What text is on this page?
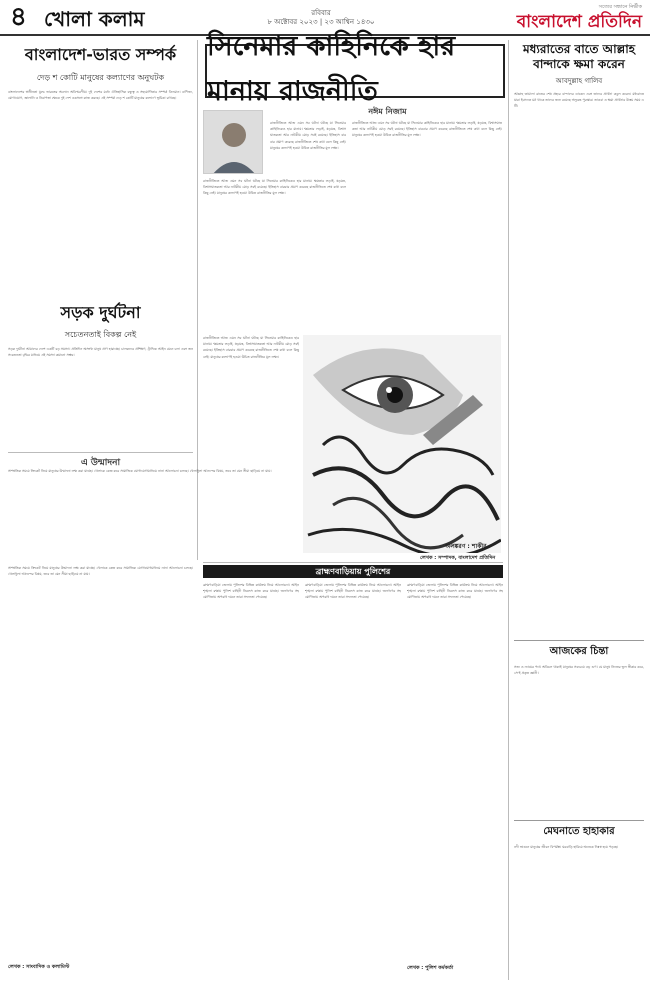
৪ খোলা কলাম	রবিবার
৮ অক্টোবর ২০২৩ | ২৩ আশ্বিন ১৪৩০
সত্যের সন্ধানে নির্ভীক
বাংলাদেশ প্রতিদিন
বাংলাদেশ-ভারত সম্পর্ক
দেড় শ কোটি মানুষের কল্যাণের অনুঘটক
বাংলাদেশের স্বাধীনতা যুদ্ধে ভারতের অবদান অবিস্মরণীয়। দুই দেশের মধ্যে ঐতিহাসিক বন্ধুত্ব ও সহযোগিতার সম্পর্ক বিদ্যমান। বাণিজ্য, যোগাযোগ, জ্বালানি ও নিরাপত্তা ক্ষেত্রে দুই দেশ একসঙ্গে কাজ করছে। এই সম্পর্ক দেড় শ কোটি মানুষের কল্যাণে ভূমিকা রাখছে।
সড়ক দুর্ঘটনা
সচেতনতাই বিকল্প নেই
সড়ক দুর্ঘটনা আমাদের দেশে একটি বড় সমস্যা। প্রতিদিন অসংখ্য মানুষ প্রাণ হারাচ্ছে। চালকদের প্রশিক্ষণ, ট্রাফিক আইন মেনে চলা এবং জনসচেতনতা বৃদ্ধির মাধ্যমে এই সমস্যা কমানো সম্ভব।
এ উন্মাদনা
সাম্প্রতিক সময়ে ক্রিকেট নিয়ে মানুষের উন্মাদনা লক্ষ করা যাচ্ছে। খেলাকে কেন্দ্র করে সামাজিক যোগাযোগমাধ্যমে নানা আলোচনা চলছে। খেলাধুলা আনন্দের বিষয়, তবে তা যেন সীমা ছাড়িয়ে না যায়।
সাম্প্রতিক সময়ে ক্রিকেট নিয়ে মানুষের উন্মাদনা লক্ষ করা যাচ্ছে। খেলাকে কেন্দ্র করে সামাজিক যোগাযোগমাধ্যমে নানা আলোচনা চলছে। খেলাধুলা আনন্দের বিষয়, তবে তা যেন সীমা ছাড়িয়ে না যায়।
লেখক : সাংবাদিক ও কলামিস্ট
সিনেমার কাহিনিকে হার মানায় রাজনীতি
নঈম নিজাম
রাজনীতিতে আজ এমন সব ঘটনা ঘটছে যা সিনেমার কাহিনিকেও হার মানায়। ক্ষমতার লড়াই, ষড়যন্ত্র, বিশ্বাসঘাতকতা আর নাটকীয় মোড় সবই রয়েছে। ইতিহাস বারবার প্রমাণ করেছে রাজনীতিতে শেষ কথা বলে কিছু নেই। মানুষের কল্যাণই হওয়া উচিত রাজনীতির মূল লক্ষ্য।
রাজনীতিতে আজ এমন সব ঘটনা ঘটছে যা সিনেমার কাহিনিকেও হার মানায়। ক্ষমতার লড়াই, ষড়যন্ত্র, বিশ্বাসঘাতকতা আর নাটকীয় মোড় সবই রয়েছে। ইতিহাস বারবার প্রমাণ করেছে রাজনীতিতে শেষ কথা বলে কিছু নেই। মানুষের কল্যাণই হওয়া উচিত রাজনীতির মূল লক্ষ্য।
রাজনীতিতে আজ এমন সব ঘটনা ঘটছে যা সিনেমার কাহিনিকেও হার মানায়। ক্ষমতার লড়াই, ষড়যন্ত্র, বিশ্বাসঘাতকতা আর নাটকীয় মোড় সবই রয়েছে। ইতিহাস বারবার প্রমাণ করেছে রাজনীতিতে শেষ কথা বলে কিছু নেই। মানুষের কল্যাণই হওয়া উচিত রাজনীতির মূল লক্ষ্য।
রাজনীতিতে আজ এমন সব ঘটনা ঘটছে যা সিনেমার কাহিনিকেও হার মানায়। ক্ষমতার লড়াই, ষড়যন্ত্র, বিশ্বাসঘাতকতা আর নাটকীয় মোড় সবই রয়েছে। ইতিহাস বারবার প্রমাণ করেছে রাজনীতিতে শেষ কথা বলে কিছু নেই। মানুষের কল্যাণই হওয়া উচিত রাজনীতির মূল লক্ষ্য।
অলঙ্করণ : শাকীর
ব্রাহ্মণবাড়িয়ায় পুলিশের
ব্রাহ্মণবাড়িয়া জেলায় পুলিশের বিভিন্ন কার্যক্রম নিয়ে আলোচনা। আইনশৃঙ্খলা রক্ষায় পুলিশ বাহিনী নিরলস কাজ করে যাচ্ছে। জনগণের সহযোগিতায় অপরাধ দমনে তারা সফলতা পেয়েছে।
ব্রাহ্মণবাড়িয়া জেলায় পুলিশের বিভিন্ন কার্যক্রম নিয়ে আলোচনা। আইনশৃঙ্খলা রক্ষায় পুলিশ বাহিনী নিরলস কাজ করে যাচ্ছে। জনগণের সহযোগিতায় অপরাধ দমনে তারা সফলতা পেয়েছে।
ব্রাহ্মণবাড়িয়া জেলায় পুলিশের বিভিন্ন কার্যক্রম নিয়ে আলোচনা। আইনশৃঙ্খলা রক্ষায় পুলিশ বাহিনী নিরলস কাজ করে যাচ্ছে। জনগণের সহযোগিতায় অপরাধ দমনে তারা সফলতা পেয়েছে।
লেখক : পুলিশ কর্মকর্তা
লেখক : সম্পাদক, বাংলাদেশ প্রতিদিন
মধ্যরাতের বাতে আল্লাহ বান্দাকে ক্ষমা করেন
আবদুল্লাহ গালিব
আল্লাহ তায়ালা রাতের শেষ প্রহরে বান্দাদের ডাকেন এবং তাদের প্রার্থনা কবুল করেন। মধ্যরাতে যারা ইবাদতে মগ্ন থাকে তাদের জন্য রয়েছে অফুরন্ত পুরস্কার। তাওবা ও ক্ষমা প্রার্থনার উত্তম সময় এটি।
আজকের চিন্তা
সত্য ও ন্যায়ের পথে অবিচল থাকাই মানুষের সবচেয়ে বড় গুণ। যে মানুষ নিজের ভুল স্বীকার করে, সে-ই প্রকৃত জ্ঞানী।
মেঘনাতে হাহাকার
নদী ভাঙনে মানুষের জীবন বিপর্যস্ত। ঘরবাড়ি হারিয়ে অনেকে নিঃস্ব হয়ে পড়ছে।
